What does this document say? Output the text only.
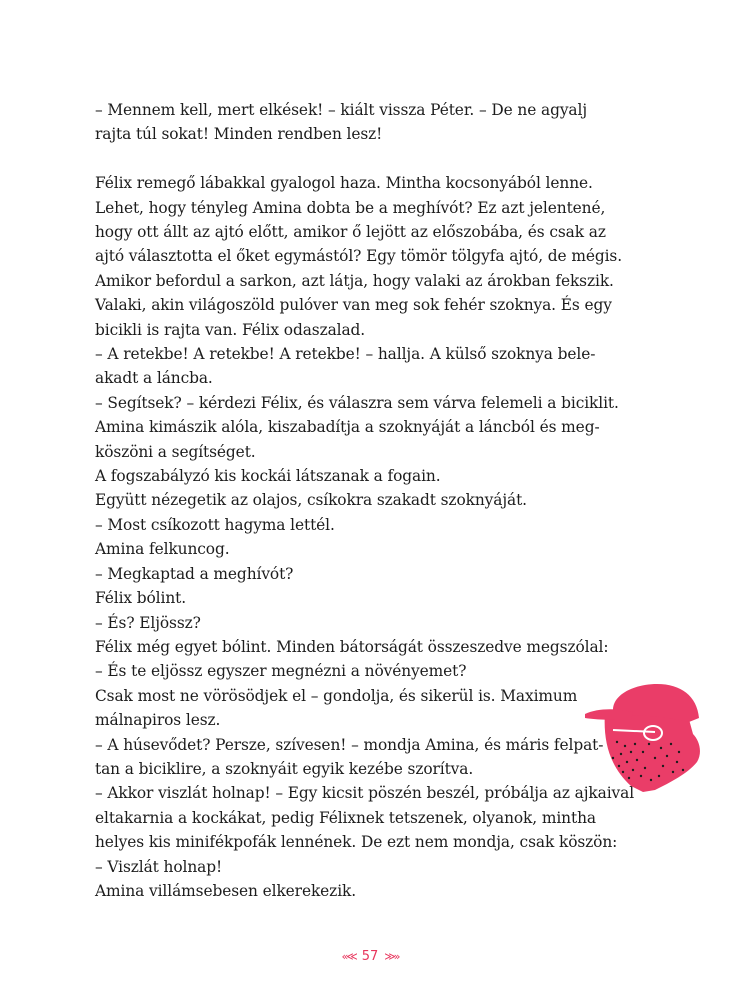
– Mennem kell, mert elkések! – kiált vissza Péter. – De ne agyalj
rajta túl sokat! Minden rendben lesz!
Félix remegő lábakkal gyalogol haza. Mintha kocsonyából lenne.
Lehet, hogy tényleg Amina dobta be a meghívót? Ez azt jelentené,
hogy ott állt az ajtó előtt, amikor ő lejött az előszobába, és csak az
ajtó választotta el őket egymástól? Egy tömör tölgyfa ajtó, de mégis.
Amikor befordul a sarkon, azt látja, hogy valaki az árokban fekszik.
Valaki, akin világoszöld pulóver van meg sok fehér szoknya. És egy
bicikli is rajta van. Félix odaszalad.
– A retekbe! A retekbe! A retekbe! – hallja. A külső szoknya bele-
akadt a láncba.
– Segítsek? – kérdezi Félix, és válaszra sem várva felemeli a biciklit.
Amina kimászik alóla, kiszabadítja a szoknyáját a láncból és meg-
köszöni a segítséget.
A fogszabályzó kis kockái látszanak a fogain.
Együtt nézegetik az olajos, csíkokra szakadt szoknyáját.
– Most csíkozott hagyma lettél.
Amina felkuncog.
– Megkaptad a meghívót?
Félix bólint.
– És? Eljössz?
Félix még egyet bólint. Minden bátorságát összeszedve megszólal:
– És te eljössz egyszer megnézni a növényemet?
Csak most ne vörösödjek el – gondolja, és sikerül is. Maximum
málnapiros lesz.
– A húsevődet? Persze, szívesen! – mondja Amina, és máris felpat-
tan a biciklire, a szoknyáit egyik kezébe szorítva.
– Akkor viszlát holnap! – Egy kicsit pöszén beszél, próbálja az ajkaival
eltakarnia a kockákat, pedig Félixnek tetszenek, olyanok, mintha
helyes kis minifékpofák lennének. De ezt nem mondja, csak köszön:
– Viszlát holnap!
Amina villámsebesen elkerekezik.
«≪ 57 ≫»
